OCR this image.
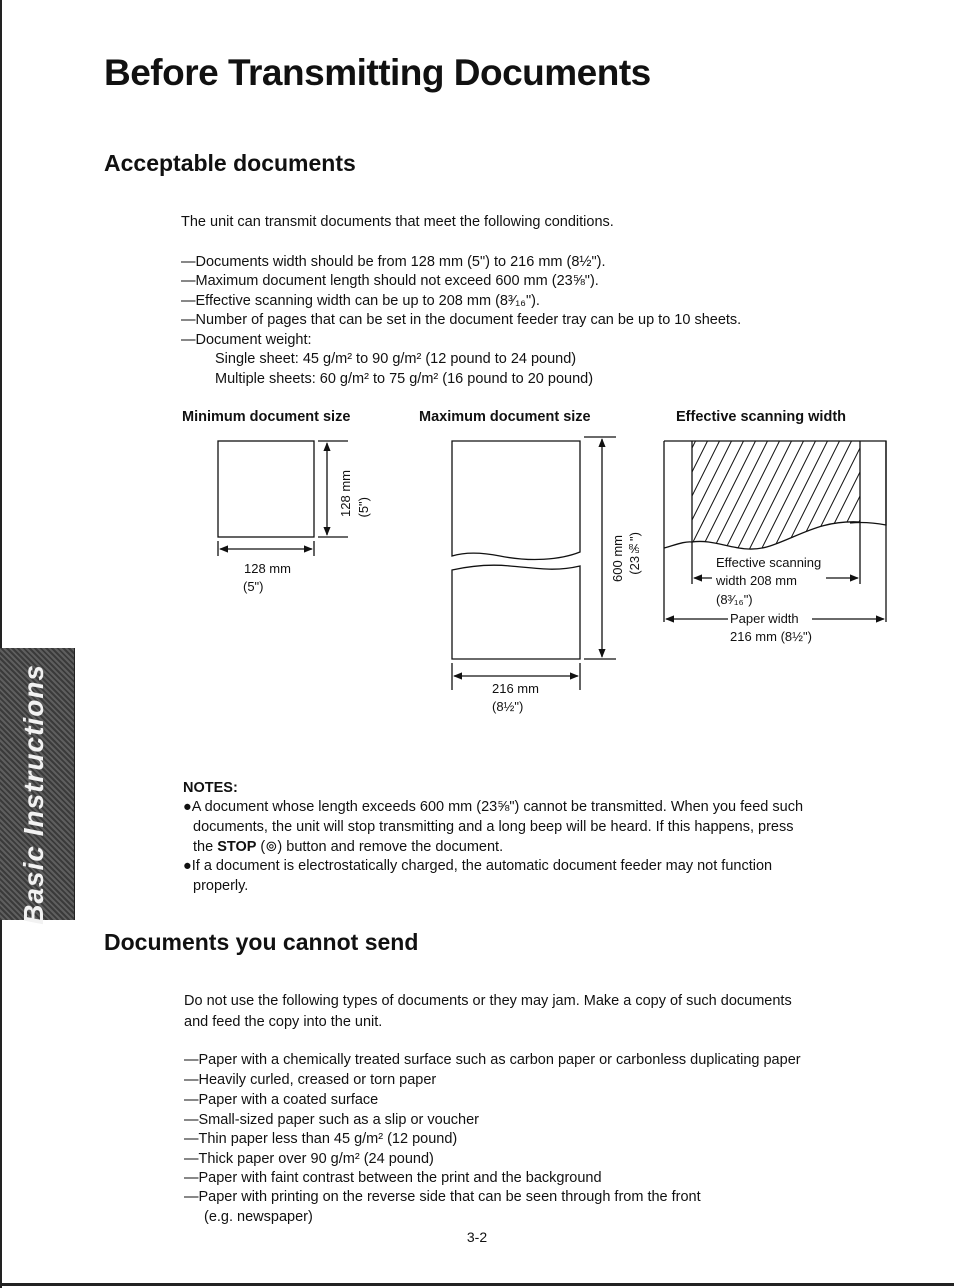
Before Transmitting Documents
Acceptable documents
The unit can transmit documents that meet the following conditions.
—Documents width should be from 128 mm (5") to 216 mm (8½").
—Maximum document length should not exceed 600 mm (23⅝").
—Effective scanning width can be up to 208 mm (8³⁄₁₆").
—Number of pages that can be set in the document feeder tray can be up to 10 sheets.
—Document weight:
Single sheet: 45 g/m² to 90 g/m² (12 pound to 24 pound)
Multiple sheets: 60 g/m² to 75 g/m² (16 pound to 20 pound)
Minimum document size	Maximum document size	Effective scanning width
128 mm (5")
128 mm
(5")
600 mm (23⅝")
216 mm
(8½")
Effective scanning
width 208 mm
(8³⁄₁₆")
Paper width
216 mm (8½")
NOTES:
●A document whose length exceeds 600 mm (23⅝") cannot be transmitted. When you feed such
documents, the unit will stop transmitting and a long beep will be heard. If this happens, press
the STOP (⊚) button and remove the document.
●If a document is electrostatically charged, the automatic document feeder may not function
properly.
Basic Instructions
Documents you cannot send
Do not use the following types of documents or they may jam. Make a copy of such documents
and feed the copy into the unit.
—Paper with a chemically treated surface such as carbon paper or carbonless duplicating paper
—Heavily curled, creased or torn paper
—Paper with a coated surface
—Small-sized paper such as a slip or voucher
—Thin paper less than 45 g/m² (12 pound)
—Thick paper over 90 g/m² (24 pound)
—Paper with faint contrast between the print and the background
—Paper with printing on the reverse side that can be seen through from the front
(e.g. newspaper)
3-2
